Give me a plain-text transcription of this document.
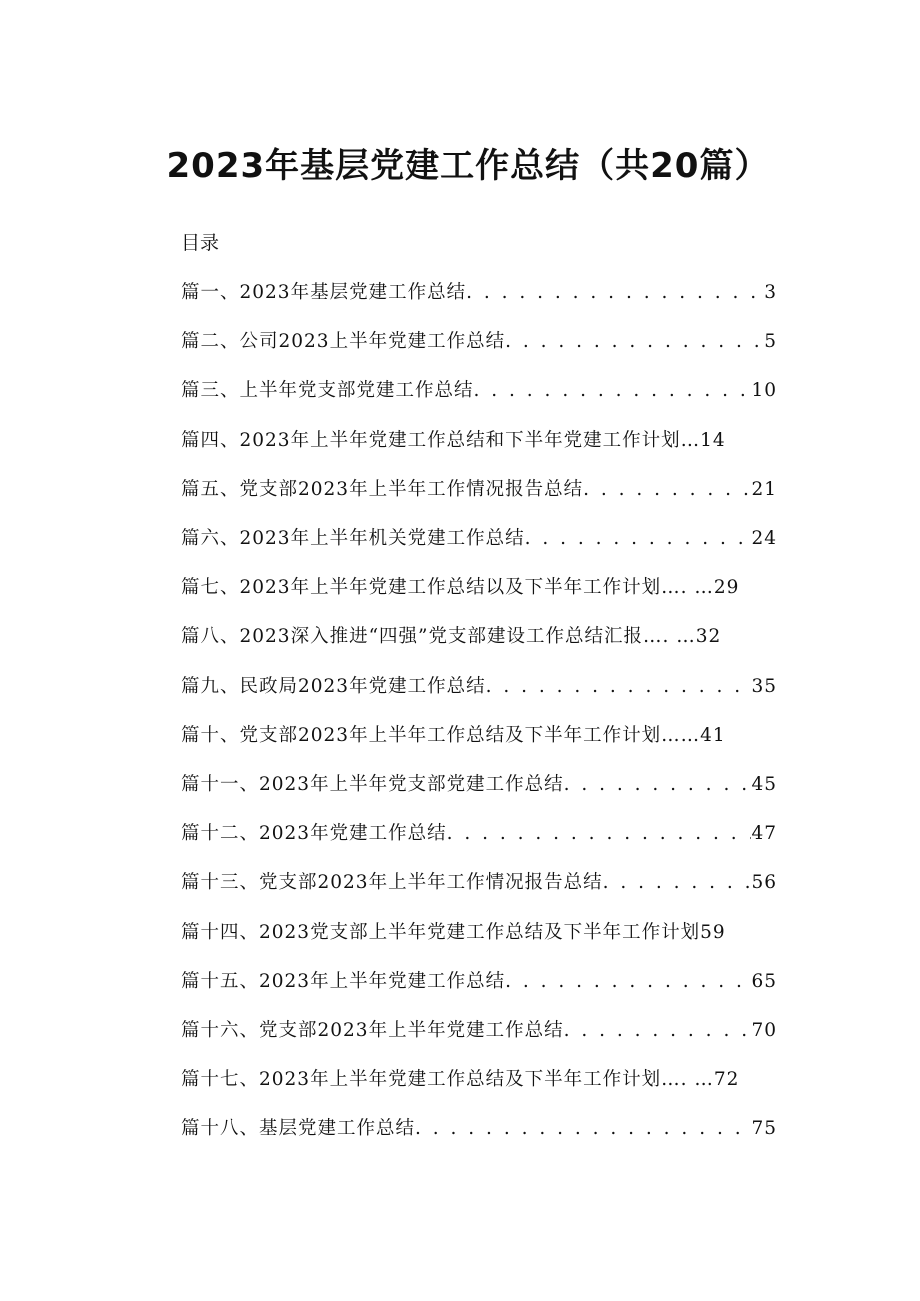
2023年基层党建工作总结（共20篇）
目录
篇一、2023年基层党建工作总结 . . .	3
篇二、公司2023上半年党建工作总结 . . .	5
篇三、上半年党支部党建工作总结 . . .	10
篇四、2023年上半年党建工作总结和下半年党建工作计划… 14
篇五、党支部2023年上半年工作情况报告总结 . . .	21
篇六、2023年上半年机关党建工作总结 . . .	24
篇七、2023年上半年党建工作总结以及下半年工作计划…. … 29
篇八、2023深入推进“四强”党支部建设工作总结汇报…. … 32
篇九、民政局2023年党建工作总结 . . .	35
篇十、党支部2023年上半年工作总结及下半年工作计划…… 41
篇十一、2023年上半年党支部党建工作总结 . . .	45
篇十二、2023年党建工作总结 . . .	47
篇十三、党支部2023年上半年工作情况报告总结 . . .	56
篇十四、2023党支部上半年党建工作总结及下半年工作计划 59
篇十五、2023年上半年党建工作总结 . . .	65
篇十六、党支部2023年上半年党建工作总结 . . .	70
篇十七、2023年上半年党建工作总结及下半年工作计划…. … 72
篇十八、基层党建工作总结 . . .	75
